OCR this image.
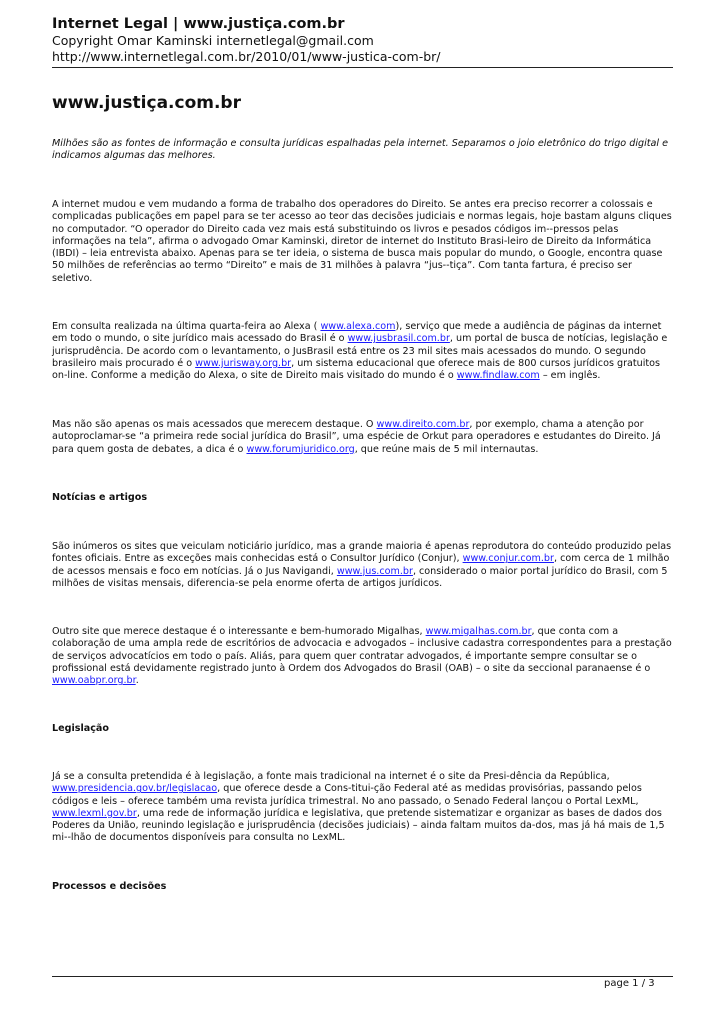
Internet Legal | www.justiça.com.br
Copyright Omar Kaminski internetlegal@gmail.com
http://www.internetlegal.com.br/2010/01/www-justica-com-br/
www.justiça.com.br

Milhões são as fontes de informação e consulta jurídicas espalhadas pela internet. Separamos o joio eletrônico do trigo digital e indicamos algumas das melhores.

A internet mudou e vem mudando a forma de trabalho dos operadores do Direito. Se antes era preciso recorrer a colossais e complicadas publicações em papel para se ter acesso ao teor das decisões judiciais e normas legais, hoje bastam alguns cliques no computador. “O operador do Direito cada vez mais está substituindo os livros e pesados códigos im--pressos pelas informações na tela”, afirma o advogado Omar Kaminski, diretor de internet do Instituto Brasi-leiro de Direito da Informática (IBDI) – leia entrevista abaixo. Apenas para se ter ideia, o sistema de busca mais popular do mundo, o Google, encontra quase 50 milhões de referências ao termo “Direito” e mais de 31 milhões à palavra “jus--tiça”. Com tanta fartura, é preciso ser seletivo.

Em consulta realizada na última quarta-feira ao Alexa ( www.alexa.com), serviço que mede a audiência de páginas da internet em todo o mundo, o site jurídico mais acessado do Brasil é o www.jusbrasil.com.br, um portal de busca de notícias, legislação e jurisprudência. De acordo com o levantamento, o JusBrasil está entre os 23 mil sites mais acessados do mundo. O segundo brasileiro mais procurado é o www.jurisway.org.br, um sistema educacional que oferece mais de 800 cursos jurídicos gratuitos on-line. Conforme a medição do Alexa, o site de Direito mais visitado do mundo é o www.findlaw.com – em inglês.

Mas não são apenas os mais acessados que merecem destaque. O www.direito.com.br, por exemplo, chama a atenção por autoproclamar-se “a primeira rede social jurídica do Brasil”, uma espécie de Orkut para operadores e estudantes do Direito. Já para quem gosta de debates, a dica é o www.forumjuridico.org, que reúne mais de 5 mil internautas.

Notícias e artigos

São inúmeros os sites que veiculam noticiário jurídico, mas a grande maioria é apenas reprodutora do conteúdo produzido pelas fontes oficiais. Entre as exceções mais conhecidas está o Consultor Jurídico (Conjur), www.conjur.com.br, com cerca de 1 milhão de acessos mensais e foco em notícias. Já o Jus Navigandi, www.jus.com.br, considerado o maior portal jurídico do Brasil, com 5 milhões de visitas mensais, diferencia-se pela enorme oferta de artigos jurídicos.

Outro site que merece destaque é o interessante e bem-humorado Migalhas, www.migalhas.com.br, que conta com a colaboração de uma ampla rede de escritórios de advocacia e advogados – inclusive cadastra correspondentes para a prestação de serviços advocatícios em todo o país. Aliás, para quem quer contratar advogados, é importante sempre consultar se o profissional está devidamente registrado junto à Ordem dos Advogados do Brasil (OAB) – o site da seccional paranaense é o www.oabpr.org.br.

Legislação

Já se a consulta pretendida é à legislação, a fonte mais tradicional na internet é o site da Presi-dência da República, www.presidencia.gov.br/legislacao, que oferece desde a Cons-titui-ção Federal até as medidas provisórias, passando pelos códigos e leis – oferece também uma revista jurídica trimestral. No ano passado, o Senado Federal lançou o Portal LexML, www.lexml.gov.br, uma rede de informação jurídica e legislativa, que pretende sistematizar e organizar as bases de dados dos Poderes da União, reunindo legislação e jurisprudência (decisões judiciais) – ainda faltam muitos da-dos, mas já há mais de 1,5 mi--lhão de documentos disponíveis para consulta no LexML.

Processos e decisões

page 1 / 3
